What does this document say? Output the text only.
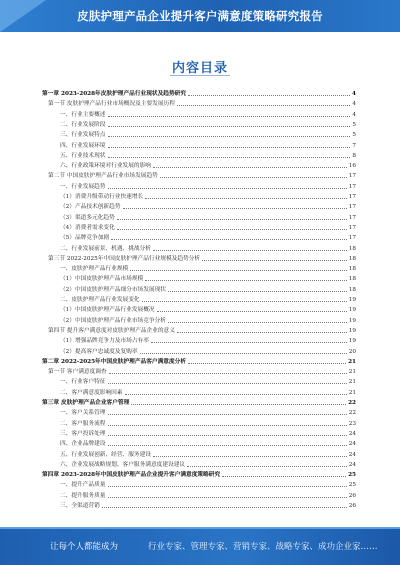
皮肤护理产品企业提升客户满意度策略研究报告
内容目录
第一章 2023-2028年皮肤护理产品行业现状及趋势研究	4
第一节 皮肤护理产品行业市场概况及主要发展历程	4
一、行业主要概述	4
二、行业发展阶段	5
三、行业发展特点	5
四、行业发展环境	7
五、行业技术现状	8
六、行业政策环境对行业发展的影响	16
第二节 中国皮肤护理产品行业市场发展趋势	17
一、行业发展趋势	17
（1）消费升级带动行业快速增长	17
（2）产品技术创新趋势	17
（3）渠道多元化趋势	17
（4）消费者需求变化	17
（5）品牌竞争加剧	17
二、行业发展前景、机遇、挑战分析	18
第三节 2022-2025年中国皮肤护理产品行业规模及趋势分析	18
一、皮肤护理产品行业规模	18
（1）中国皮肤护理产品市场规模	18
（2）中国皮肤护理产品细分市场发展现状	18
二、皮肤护理产品行业发展变化	19
（1）中国皮肤护理产品行业发展概况	19
（2）中国皮肤护理产品行业市场竞争分析	19
第四节 提升客户满意度对皮肤护理产品企业的意义	19
（1）增强品牌竞争力及市场占有率	19
（2）提高客户忠诚度及复购率	20
第二章 2022-2025年中国皮肤护理产品客户满意度分析	21
第一节 客户满意度调查	21
一、行业客户特征	21
二、客户满意度影响因素	21
第三章 皮肤护理产品企业客户管理	22
一、客户关系管理	22
二、客户服务流程	23
三、客户投诉处理	24
四、企业品牌建设	24
五、行业发展创新、经营、服务建设	24
六、企业发展战略规划、客户服务满意度建设建议	24
第四章 2023-2028年中国皮肤护理产品企业提升客户满意度策略研究	25
一、提升产品质量	25
二、提升服务质量	26
三、全渠道营销	26
让每个人都能成为	行业专家、管理专家、营销专家、战略专家、成功企业家……
